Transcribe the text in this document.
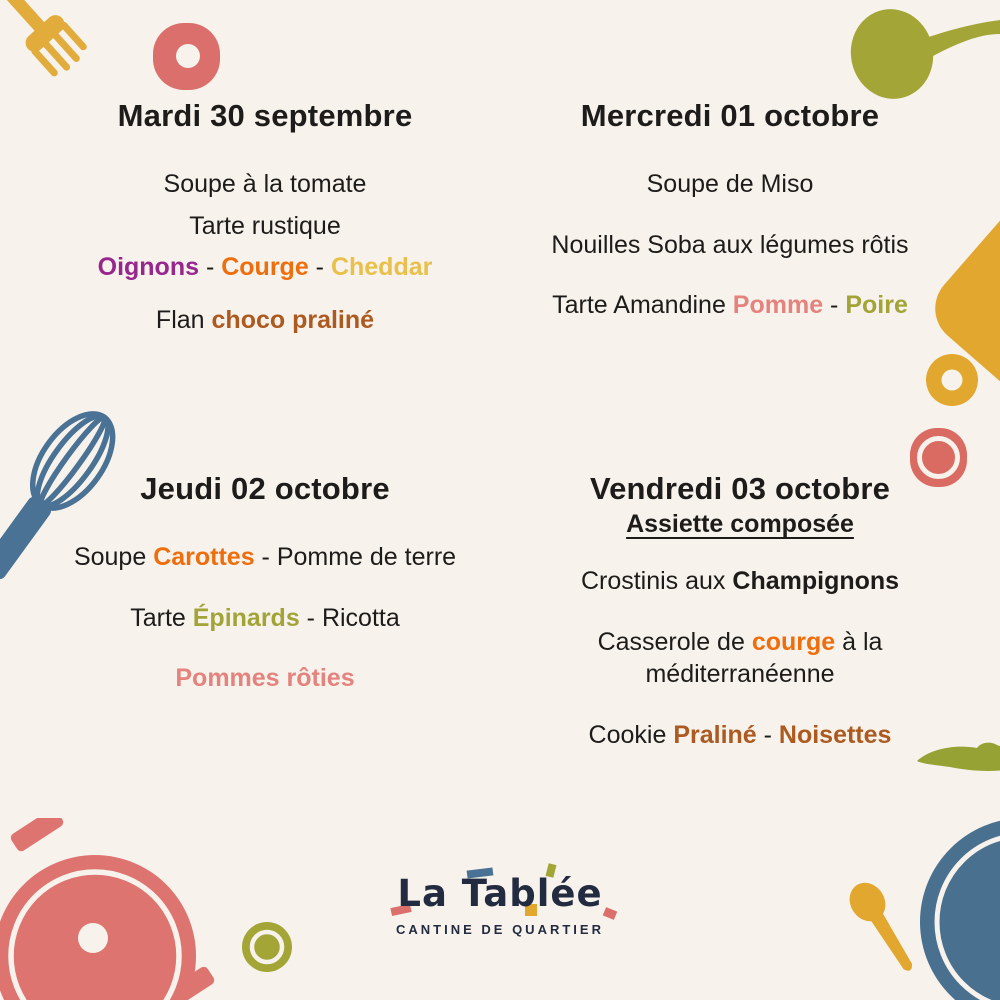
Mardi 30 septembre

Soupe à la tomate

Tarte rustique

Oignons - Courge - Cheddar

Flan choco praliné

Mercredi 01 octobre

Soupe de Miso

Nouilles Soba aux légumes rôtis

Tarte Amandine Pomme - Poire

Jeudi 02 octobre

Soupe Carottes - Pomme de terre

Tarte Épinards - Ricotta

Pommes rôties

Vendredi 03 octobre

Assiette composée

Crostinis aux Champignons

Casserole de courge à la méditerranéenne

Cookie Praliné - Noisettes

La Tablée
CANTINE DE QUARTIER
